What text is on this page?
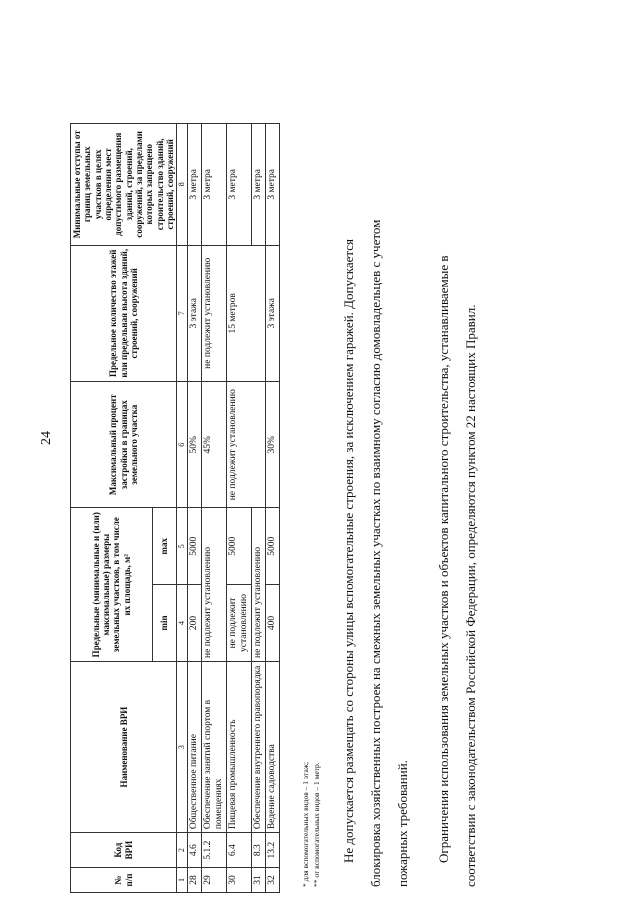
24
№ п/п	Код ВРИ	Наименование ВРИ	Предельные (минимальные и (или) максимальные) размеры земельных участков, в том числе их площадь, м²		Максимальный процент застройки в границах земельного участка	Предельное количество этажей или предельная высота зданий, строений, сооружений	Минимальные отступы от границ земельных участков в целях определения мест допустимого размещения зданий, строений, сооружений, за пределами которых запрещено строительство зданий, строений, сооружений
			min	max			
1	2	3	4	5	6	7	8
28	4.6	Общественное питание	200	5000	50%	3 этажа	3 метра
29	5.1.2	Обеспечение занятий спортом в помещениях	не подлежит установлению		45%	не подлежит установлению	3 метра
30	6.4	Пищевая промышленность	не подлежит установлению	5000	не подлежит установлению	15 метров	3 метра
31	8.3	Обеспечение внутреннего правопорядка	не подлежит установлению				3 метра
32	13.2	Ведение садоводства	400	5000	30%	3 этажа	3 метра
* для вспомогательных видов – 1 этаж; ** от вспомогательных видов – 1 метр.	Не допускается размещать со стороны улицы вспомогательные строения, за исключением гаражей. Допускается блокировка хозяйственных построек на смежных земельных участках по взаимному согласию домовладельцев с учетом пожарных требований.	Ограничения использования земельных участков и объектов капитального строительства, устанавливаемые в соответствии с законодательством Российской Федерации, определяются пунктом 22 настоящих Правил.
